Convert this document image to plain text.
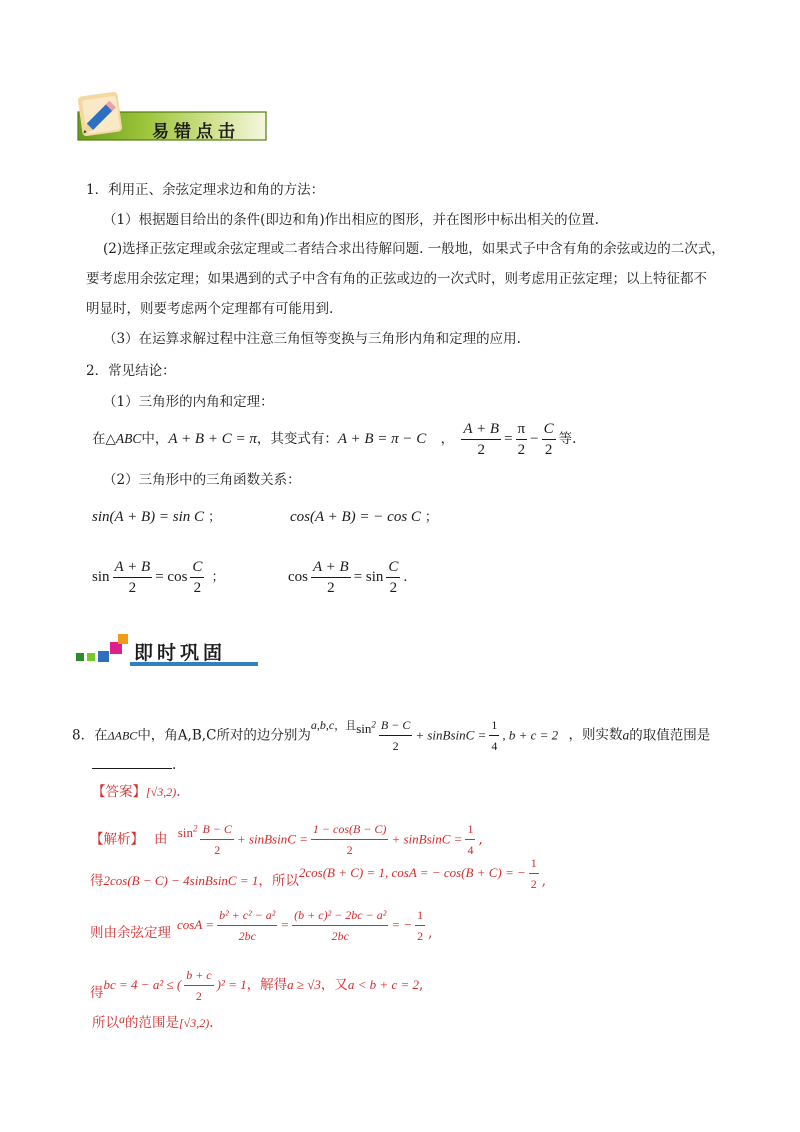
易错点击
1．利用正、余弦定理求边和角的方法：
（1）根据题目给出的条件(即边和角)作出相应的图形，并在图形中标出相关的位置.
(2)选择正弦定理或余弦定理或二者结合求出待解问题. 一般地，如果式子中含有角的余弦或边的二次式，
要考虑用余弦定理；如果遇到的式子中含有角的正弦或边的一次式时，则考虑用正弦定理；以上特征都不
明显时，则要考虑两个定理都有可能用到.
（3）在运算求解过程中注意三角恒等变换与三角形内角和定理的应用.
2．常见结论：
（1）三角形的内角和定理：
在△ABC中，A + B + C = π，其变式有：A + B = π − C ， $\frac{A + B}{2} = \frac{\pi}{2} - \frac{C}{2}$ 等.
（2）三角形中的三角函数关系：
sin(A + B) = sin C ；	cos(A + B) = − cos C ；
$\sin \frac{A + B}{2} = \cos \frac{C}{2}$ ；	$\cos \frac{A + B}{2} = \sin \frac{C}{2}$ .
即时巩固
8．在ΔABC中，角A,B,C所对的边分别为$a,b,c^{,且}\sin^2 \frac{B - C}{2}$ + sinBsinC = $\frac{1}{4}$ , b + c = 2 ，则实数a的取值范围是
.
【答案】[√3,2).
【解析】 由 $\sin^2 \frac{B - C}{2}$ + sinBsinC = $\frac{1 - \cos(B - C)}{2}$ + sinBsinC = $\frac{1}{4}$ ,
得2cos(B − C) − 4sinBsinC = 1，所以2cos(B + C) = 1, cosA = − cos(B + C) = − $\frac{1}{2}$ ,
则由余弦定理$\cos A = \frac{\text{b² + c² − a²}}{2bc} = \frac{\text{(b + c)² − 2bc − a²}}{2bc}$ = − $\frac{1}{2}$ ,
得bc = 4 − a² ≤ ( $\frac{b + c}{2} )^2 = 1$，解得a ≥ √3，又a < b + c = 2,
所以a的范围是[√3,2).
